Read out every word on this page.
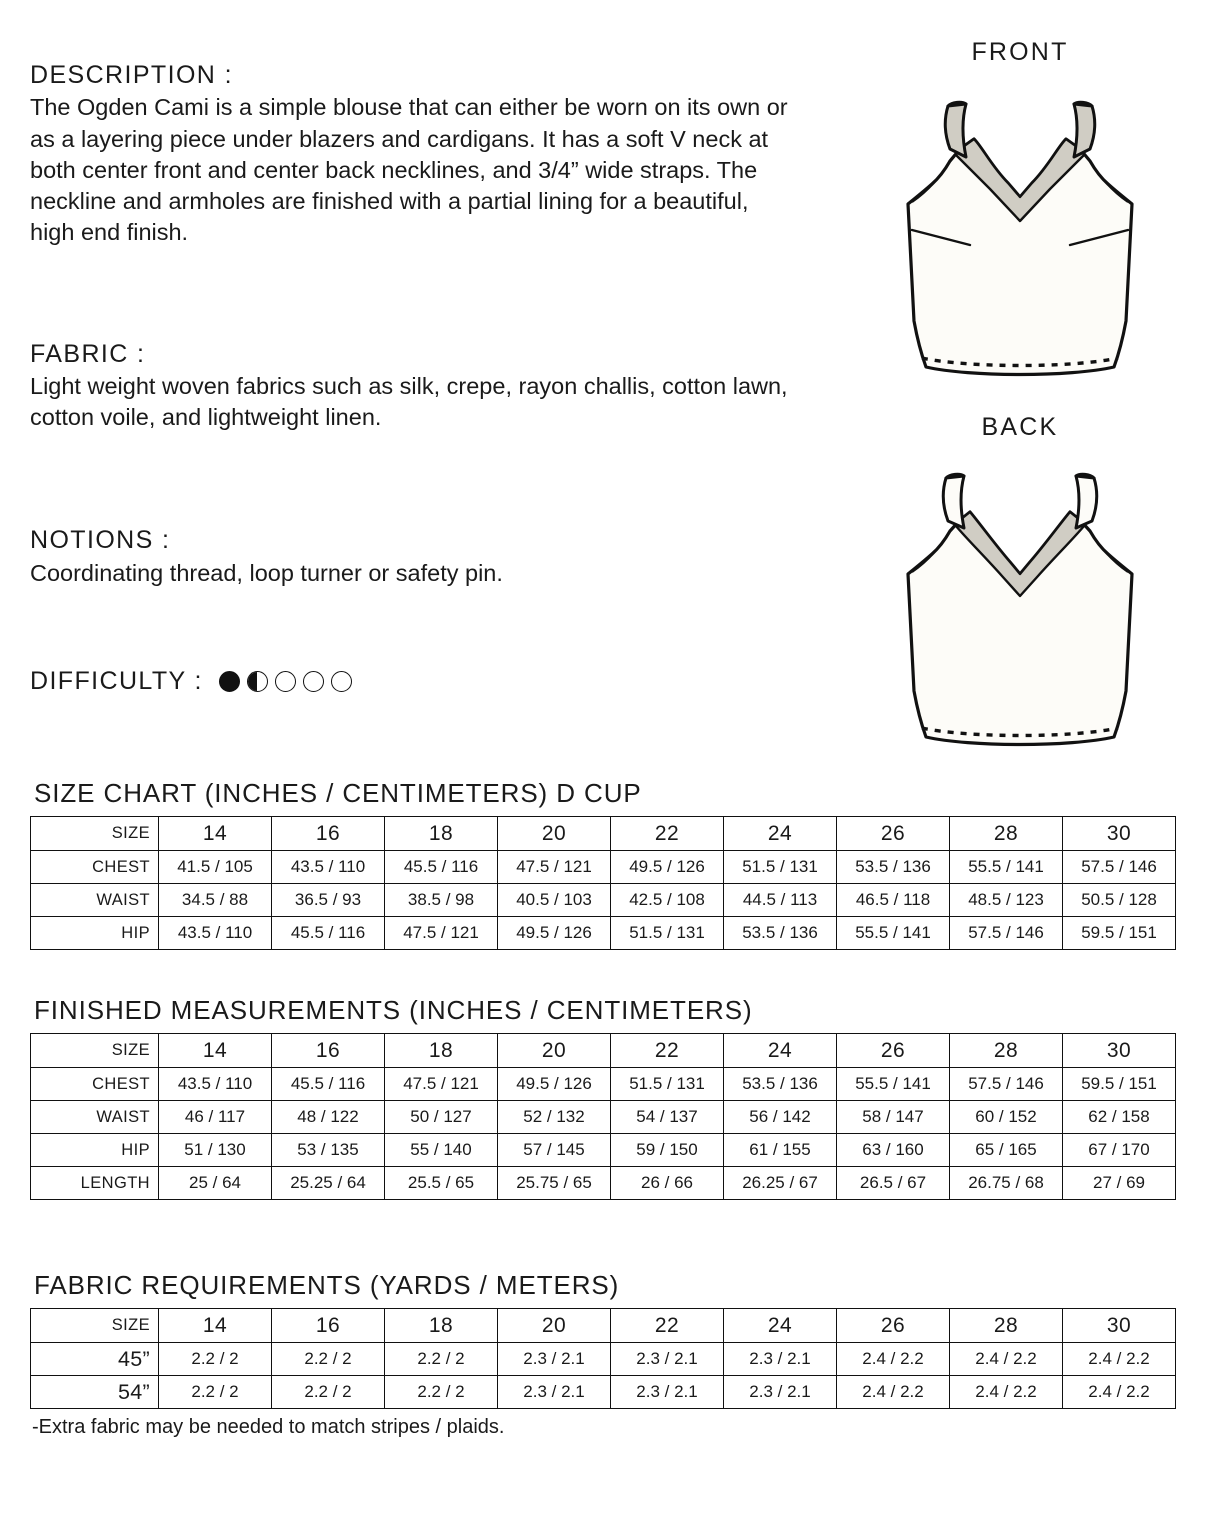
DESCRIPTION :
The Ogden Cami is a simple blouse that can either be worn on its own or as a layering piece under blazers and cardigans. It has a soft V neck at both center front and center back necklines, and 3/4” wide straps. The neckline and armholes are finished with a partial lining for a beautiful, high end finish.
FABRIC :
Light weight woven fabrics such as silk, crepe, rayon challis, cotton lawn, cotton voile, and lightweight linen.
NOTIONS :
Coordinating thread, loop turner or safety pin.
DIFFICULTY :
FRONT
BACK
SIZE CHART (INCHES / CENTIMETERS) D CUP
SIZE	14	16	18	20	22	24	26	28	30
CHEST	41.5 / 105	43.5 / 110	45.5 / 116	47.5 / 121	49.5 / 126	51.5 / 131	53.5 / 136	55.5 / 141	57.5 / 146
WAIST	34.5 / 88	36.5 / 93	38.5 / 98	40.5 / 103	42.5 / 108	44.5 / 113	46.5 / 118	48.5 / 123	50.5 / 128
HIP	43.5 / 110	45.5 / 116	47.5 / 121	49.5 / 126	51.5 / 131	53.5 / 136	55.5 / 141	57.5 / 146	59.5 / 151
FINISHED MEASUREMENTS (INCHES / CENTIMETERS)
SIZE	14	16	18	20	22	24	26	28	30
CHEST	43.5 / 110	45.5 / 116	47.5 / 121	49.5 / 126	51.5 / 131	53.5 / 136	55.5 / 141	57.5 / 146	59.5 / 151
WAIST	46 / 117	48 / 122	50 / 127	52 / 132	54 / 137	56 / 142	58 / 147	60 / 152	62 / 158
HIP	51 / 130	53 / 135	55 / 140	57 / 145	59 / 150	61 / 155	63 / 160	65 / 165	67 / 170
LENGTH	25 / 64	25.25 / 64	25.5 / 65	25.75 / 65	26 / 66	26.25 / 67	26.5 / 67	26.75 / 68	27 / 69
FABRIC REQUIREMENTS (YARDS / METERS)
SIZE	14	16	18	20	22	24	26	28	30
45”	2.2 / 2	2.2 / 2	2.2 / 2	2.3 / 2.1	2.3 / 2.1	2.3 / 2.1	2.4 / 2.2	2.4 / 2.2	2.4 / 2.2
54”	2.2 / 2	2.2 / 2	2.2 / 2	2.3 / 2.1	2.3 / 2.1	2.3 / 2.1	2.4 / 2.2	2.4 / 2.2	2.4 / 2.2
-Extra fabric may be needed to match stripes / plaids.
